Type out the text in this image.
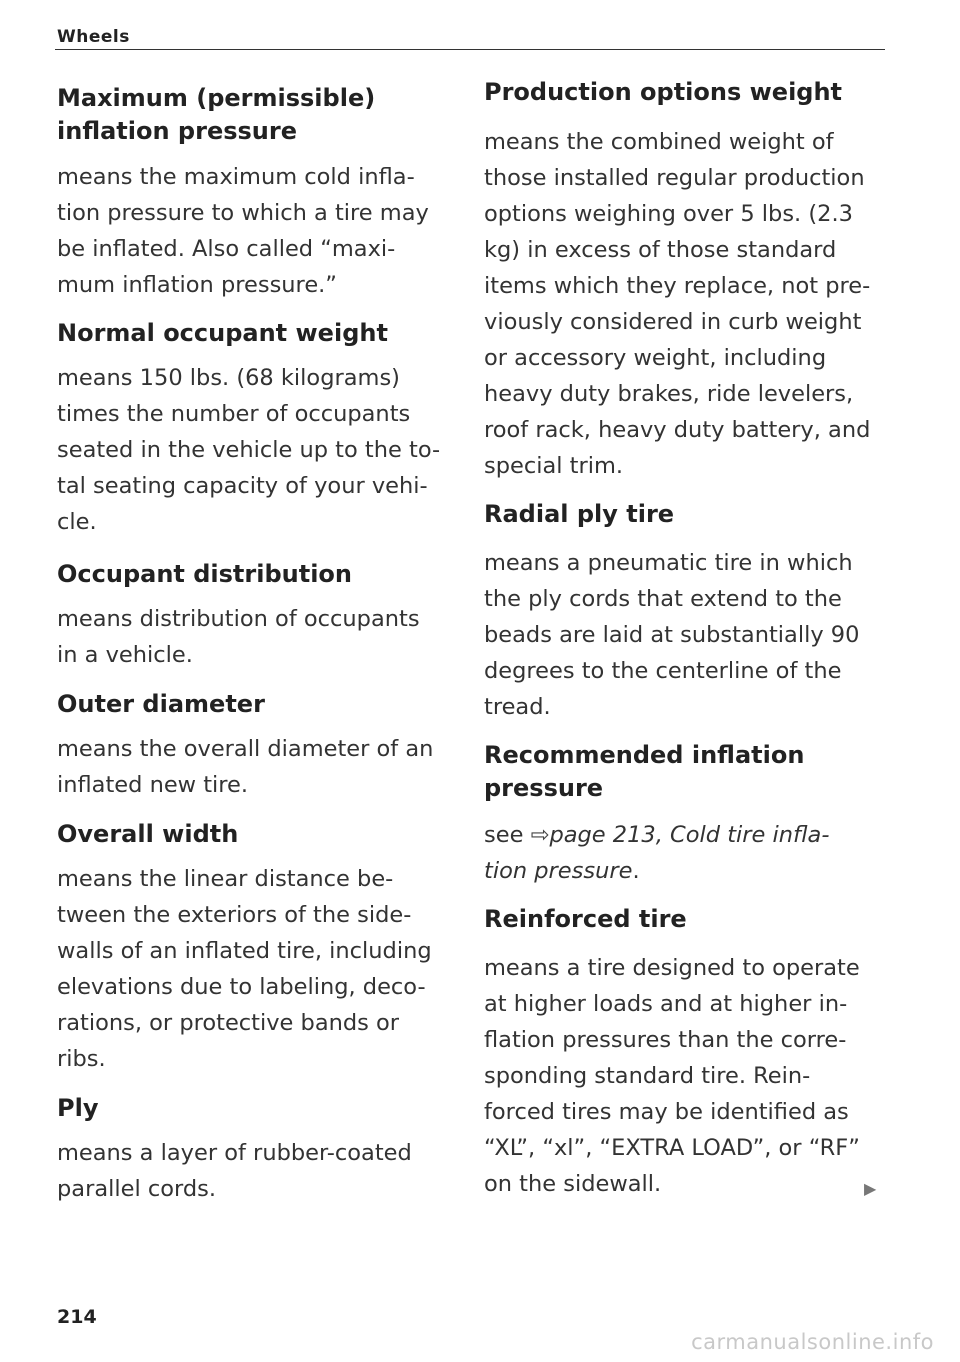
Wheels
Maximum (permissible)
inflation pressure

means the maximum cold infla-
tion pressure to which a tire may
be inflated. Also called “maxi-
mum inflation pressure.”

Normal occupant weight

means 150 lbs. (68 kilograms)
times the number of occupants
seated in the vehicle up to the to-
tal seating capacity of your vehi-
cle.

Occupant distribution

means distribution of occupants
in a vehicle.

Outer diameter

means the overall diameter of an
inflated new tire.

Overall width

means the linear distance be-
tween the exteriors of the side-
walls of an inflated tire, including
elevations due to labeling, deco-
rations, or protective bands or
ribs.

Ply

means a layer of rubber-coated
parallel cords.

Production options weight

means the combined weight of
those installed regular production
options weighing over 5 lbs. (2.3
kg) in excess of those standard
items which they replace, not pre-
viously considered in curb weight
or accessory weight, including
heavy duty brakes, ride levelers,
roof rack, heavy duty battery, and
special trim.

Radial ply tire

means a pneumatic tire in which
the ply cords that extend to the
beads are laid at substantially 90
degrees to the centerline of the
tread.

Recommended inflation
pressure

see ⇨page 213, Cold tire infla-
tion pressure.

Reinforced tire

means a tire designed to operate
at higher loads and at higher in-
flation pressures than the corre-
sponding standard tire. Rein-
forced tires may be identified as
“XL”, “xl”, “EXTRA LOAD”, or “RF”
on the sidewall.	▶
214
carmanualsonline.info
